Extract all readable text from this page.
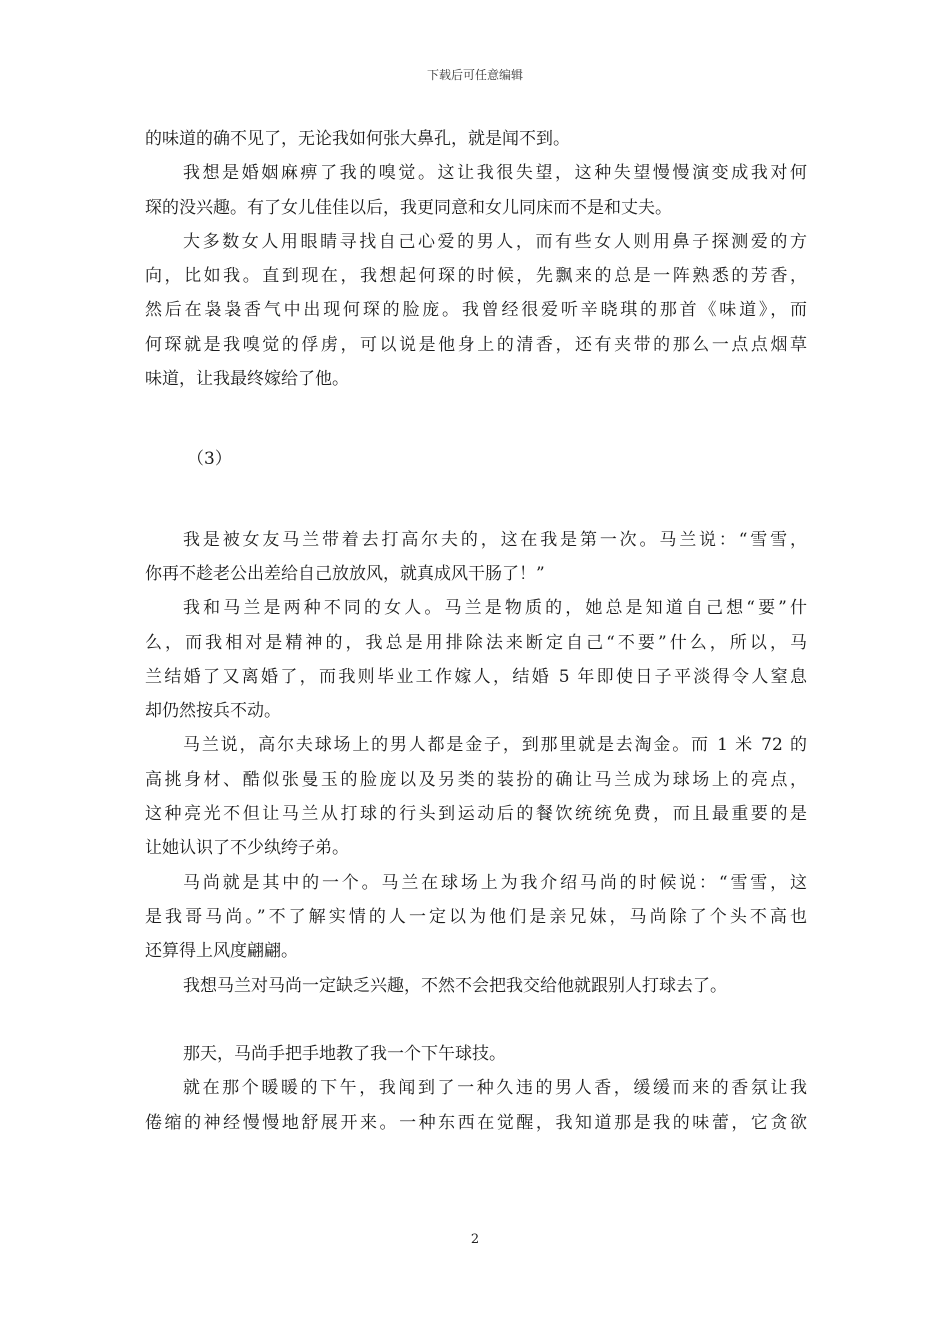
下载后可任意编辑
的味道的确不见了，无论我如何张大鼻孔，就是闻不到。
我想是婚姻麻痹了我的嗅觉。这让我很失望，这种失望慢慢演变成我对何
琛的没兴趣。有了女儿佳佳以后，我更同意和女儿同床而不是和丈夫。
大多数女人用眼睛寻找自己心爱的男人，而有些女人则用鼻子探测爱的方
向，比如我。直到现在，我想起何琛的时候，先飘来的总是一阵熟悉的芳香，
然后在袅袅香气中出现何琛的脸庞。我曾经很爱听辛晓琪的那首《味道》，而
何琛就是我嗅觉的俘虏，可以说是他身上的清香，还有夹带的那么一点点烟草
味道，让我最终嫁给了他。
（3）
我是被女友马兰带着去打高尔夫的，这在我是第一次。马兰说：“雪雪，
你再不趁老公出差给自己放放风，就真成风干肠了！”
我和马兰是两种不同的女人。马兰是物质的，她总是知道自己想“要”什
么，而我相对是精神的，我总是用排除法来断定自己“不要”什么，所以，马
兰结婚了又离婚了，而我则毕业工作嫁人，结婚 5 年即使日子平淡得令人窒息
却仍然按兵不动。
马兰说，高尔夫球场上的男人都是金子，到那里就是去淘金。而 1 米 72 的
高挑身材、酷似张曼玉的脸庞以及另类的装扮的确让马兰成为球场上的亮点，
这种亮光不但让马兰从打球的行头到运动后的餐饮统统免费，而且最重要的是
让她认识了不少纨绔子弟。
马尚就是其中的一个。马兰在球场上为我介绍马尚的时候说：“雪雪，这
是我哥马尚。”不了解实情的人一定以为他们是亲兄妹，马尚除了个头不高也
还算得上风度翩翩。
我想马兰对马尚一定缺乏兴趣，不然不会把我交给他就跟别人打球去了。
那天，马尚手把手地教了我一个下午球技。
就在那个暖暖的下午，我闻到了一种久违的男人香，缓缓而来的香氛让我
倦缩的神经慢慢地舒展开来。一种东西在觉醒，我知道那是我的味蕾，它贪欲
2
